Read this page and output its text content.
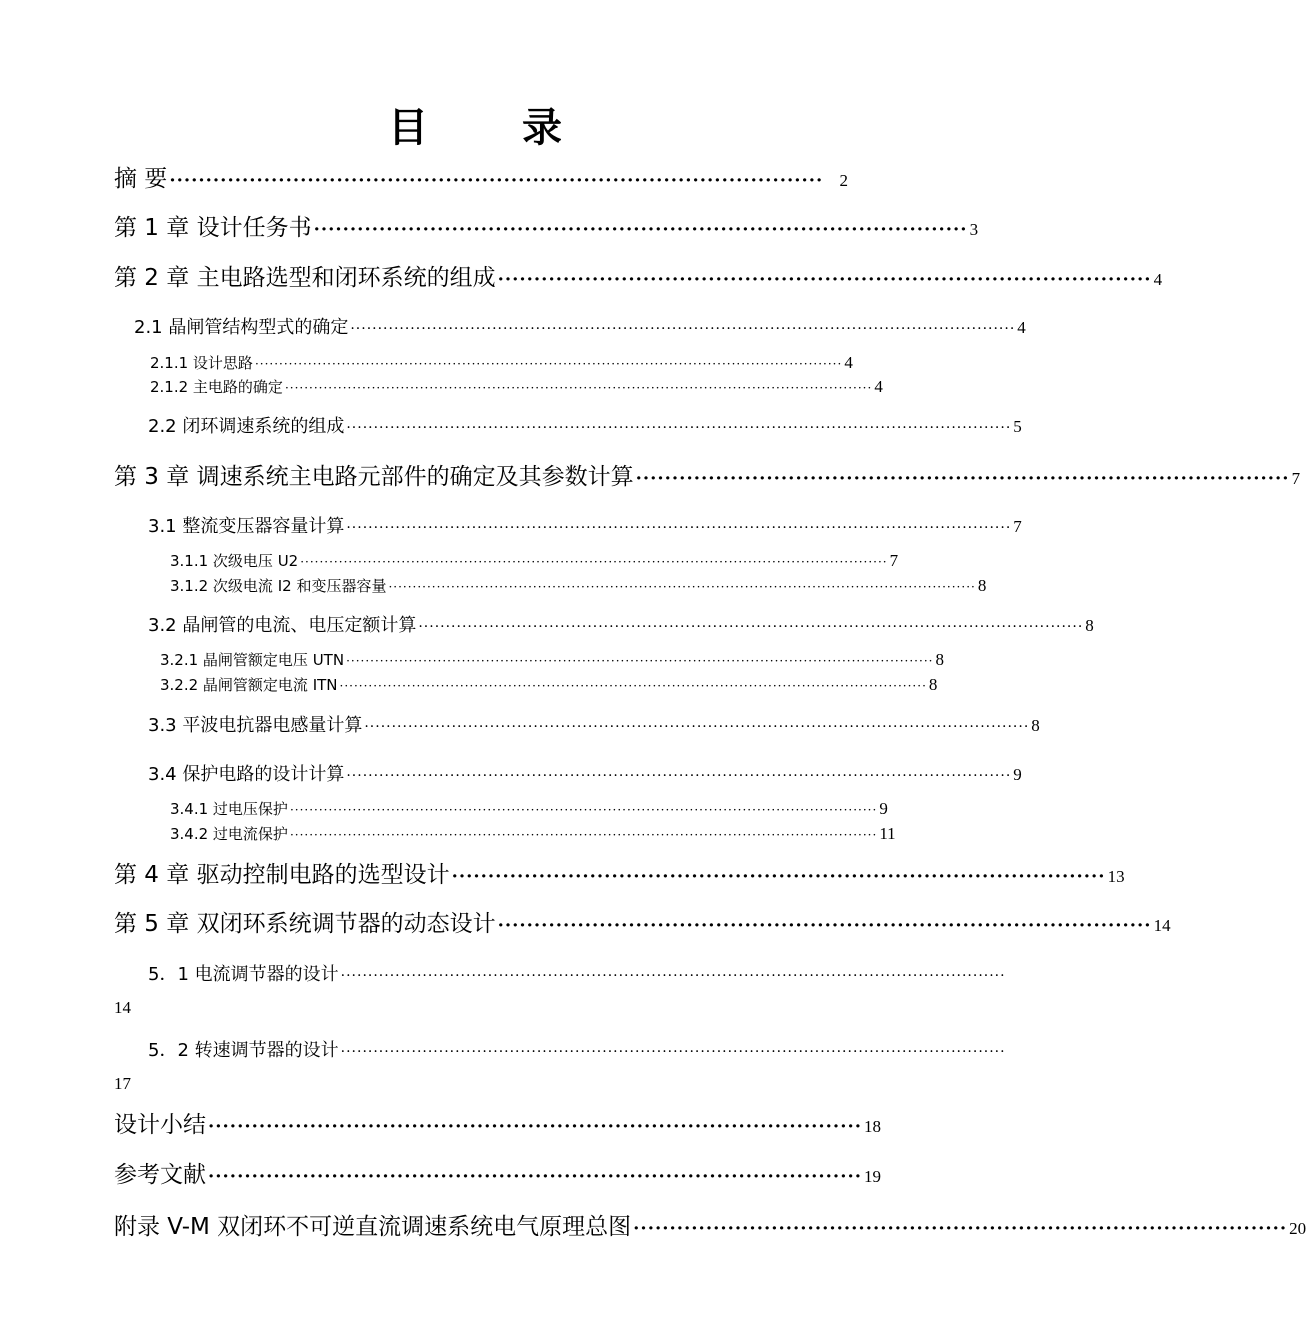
目 录
摘 要 ·························································································· 2
第 1 章 设计任务书 ·························································································· 3
第 2 章 主电路选型和闭环系统的组成 ·························································································· 4
2.1 晶闸管结构型式的确定 ·························································································································· 4
2.1.1 设计思路 ·························································································································· 4
2.1.2 主电路的确定 ·························································································································· 4
2.2 闭环调速系统的组成 ·························································································································· 5
第 3 章 调速系统主电路元部件的确定及其参数计算 ·························································································· 7
3.1 整流变压器容量计算 ·························································································································· 7
3.1.1 次级电压 U2 ·························································································································· 7
3.1.2 次级电流 I2 和变压器容量 ·························································································································· 8
3.2 晶闸管的电流、电压定额计算 ·························································································································· 8
3.2.1 晶闸管额定电压 UTN ·························································································································· 8
3.2.2 晶闸管额定电流 ITN ·························································································································· 8
3.3 平波电抗器电感量计算 ·························································································································· 8
3.4 保护电路的设计计算 ·························································································································· 9
3.4.1 过电压保护 ·························································································································· 9
3.4.2 过电流保护 ·························································································································· 11
第 4 章 驱动控制电路的选型设计 ·························································································· 13
第 5 章 双闭环系统调节器的动态设计 ·························································································· 14
5．1 电流调节器的设计 ··························································································································
14
5．2 转速调节器的设计 ··························································································································
17
设计小结 ·························································································· 18
参考文献 ·························································································· 19
附录 V-M 双闭环不可逆直流调速系统电气原理总图 ·························································································· 20
